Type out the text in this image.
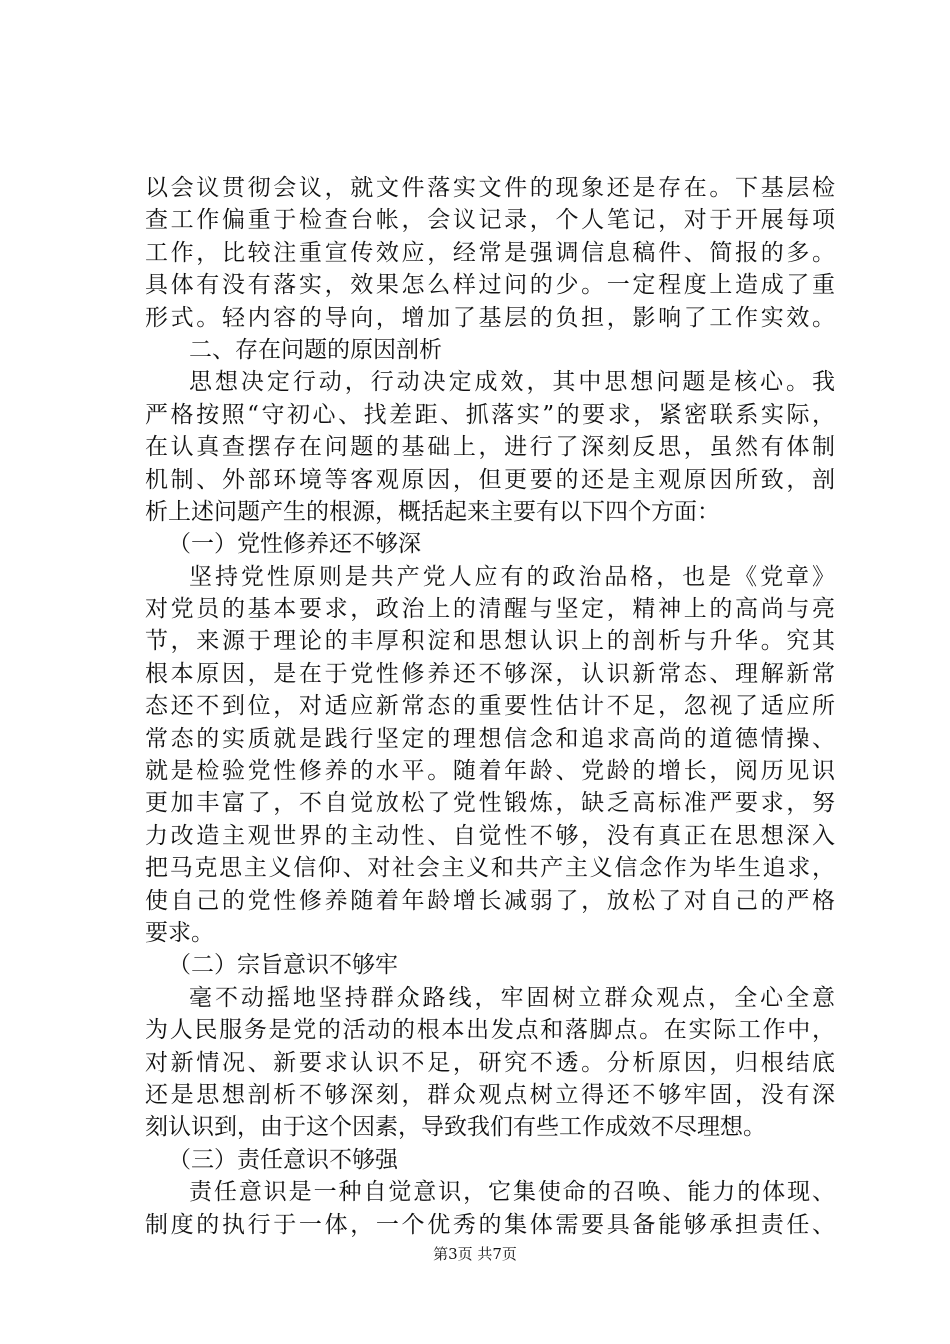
以会议贯彻会议，就文件落实文件的现象还是存在。下基层检
查工作偏重于检查台帐，会议记录，个人笔记，对于开展每项
工作，比较注重宣传效应，经常是强调信息稿件、简报的多。
具体有没有落实，效果怎么样过问的少。一定程度上造成了重
形式。轻内容的导向，增加了基层的负担，影响了工作实效。
二、存在问题的原因剖析
思想决定行动，行动决定成效，其中思想问题是核心。我
严格按照“守初心、找差距、抓落实”的要求，紧密联系实际，
在认真查摆存在问题的基础上，进行了深刻反思，虽然有体制
机制、外部环境等客观原因，但更要的还是主观原因所致，剖
析上述问题产生的根源，概括起来主要有以下四个方面：
（一）党性修养还不够深
坚持党性原则是共产党人应有的政治品格，也是《党章》
对党员的基本要求，政治上的清醒与坚定，精神上的高尚与亮
节，来源于理论的丰厚积淀和思想认识上的剖析与升华。究其
根本原因，是在于党性修养还不够深，认识新常态、理解新常
态还不到位，对适应新常态的重要性估计不足，忽视了适应所
常态的实质就是践行坚定的理想信念和追求高尚的道德情操、
就是检验党性修养的水平。随着年龄、党龄的增长，阅历见识
更加丰富了，不自觉放松了党性锻炼，缺乏高标准严要求，努
力改造主观世界的主动性、自觉性不够，没有真正在思想深入
把马克思主义信仰、对社会主义和共产主义信念作为毕生追求，
使自己的党性修养随着年龄增长减弱了，放松了对自己的严格
要求。
（二）宗旨意识不够牢
毫不动摇地坚持群众路线，牢固树立群众观点，全心全意
为人民服务是党的活动的根本出发点和落脚点。在实际工作中，
对新情况、新要求认识不足，研究不透。分析原因，归根结底
还是思想剖析不够深刻，群众观点树立得还不够牢固，没有深
刻认识到，由于这个因素，导致我们有些工作成效不尽理想。
（三）责任意识不够强
责任意识是一种自觉意识，它集使命的召唤、能力的体现、
制度的执行于一体，一个优秀的集体需要具备能够承担责任、
第3页 共7页
